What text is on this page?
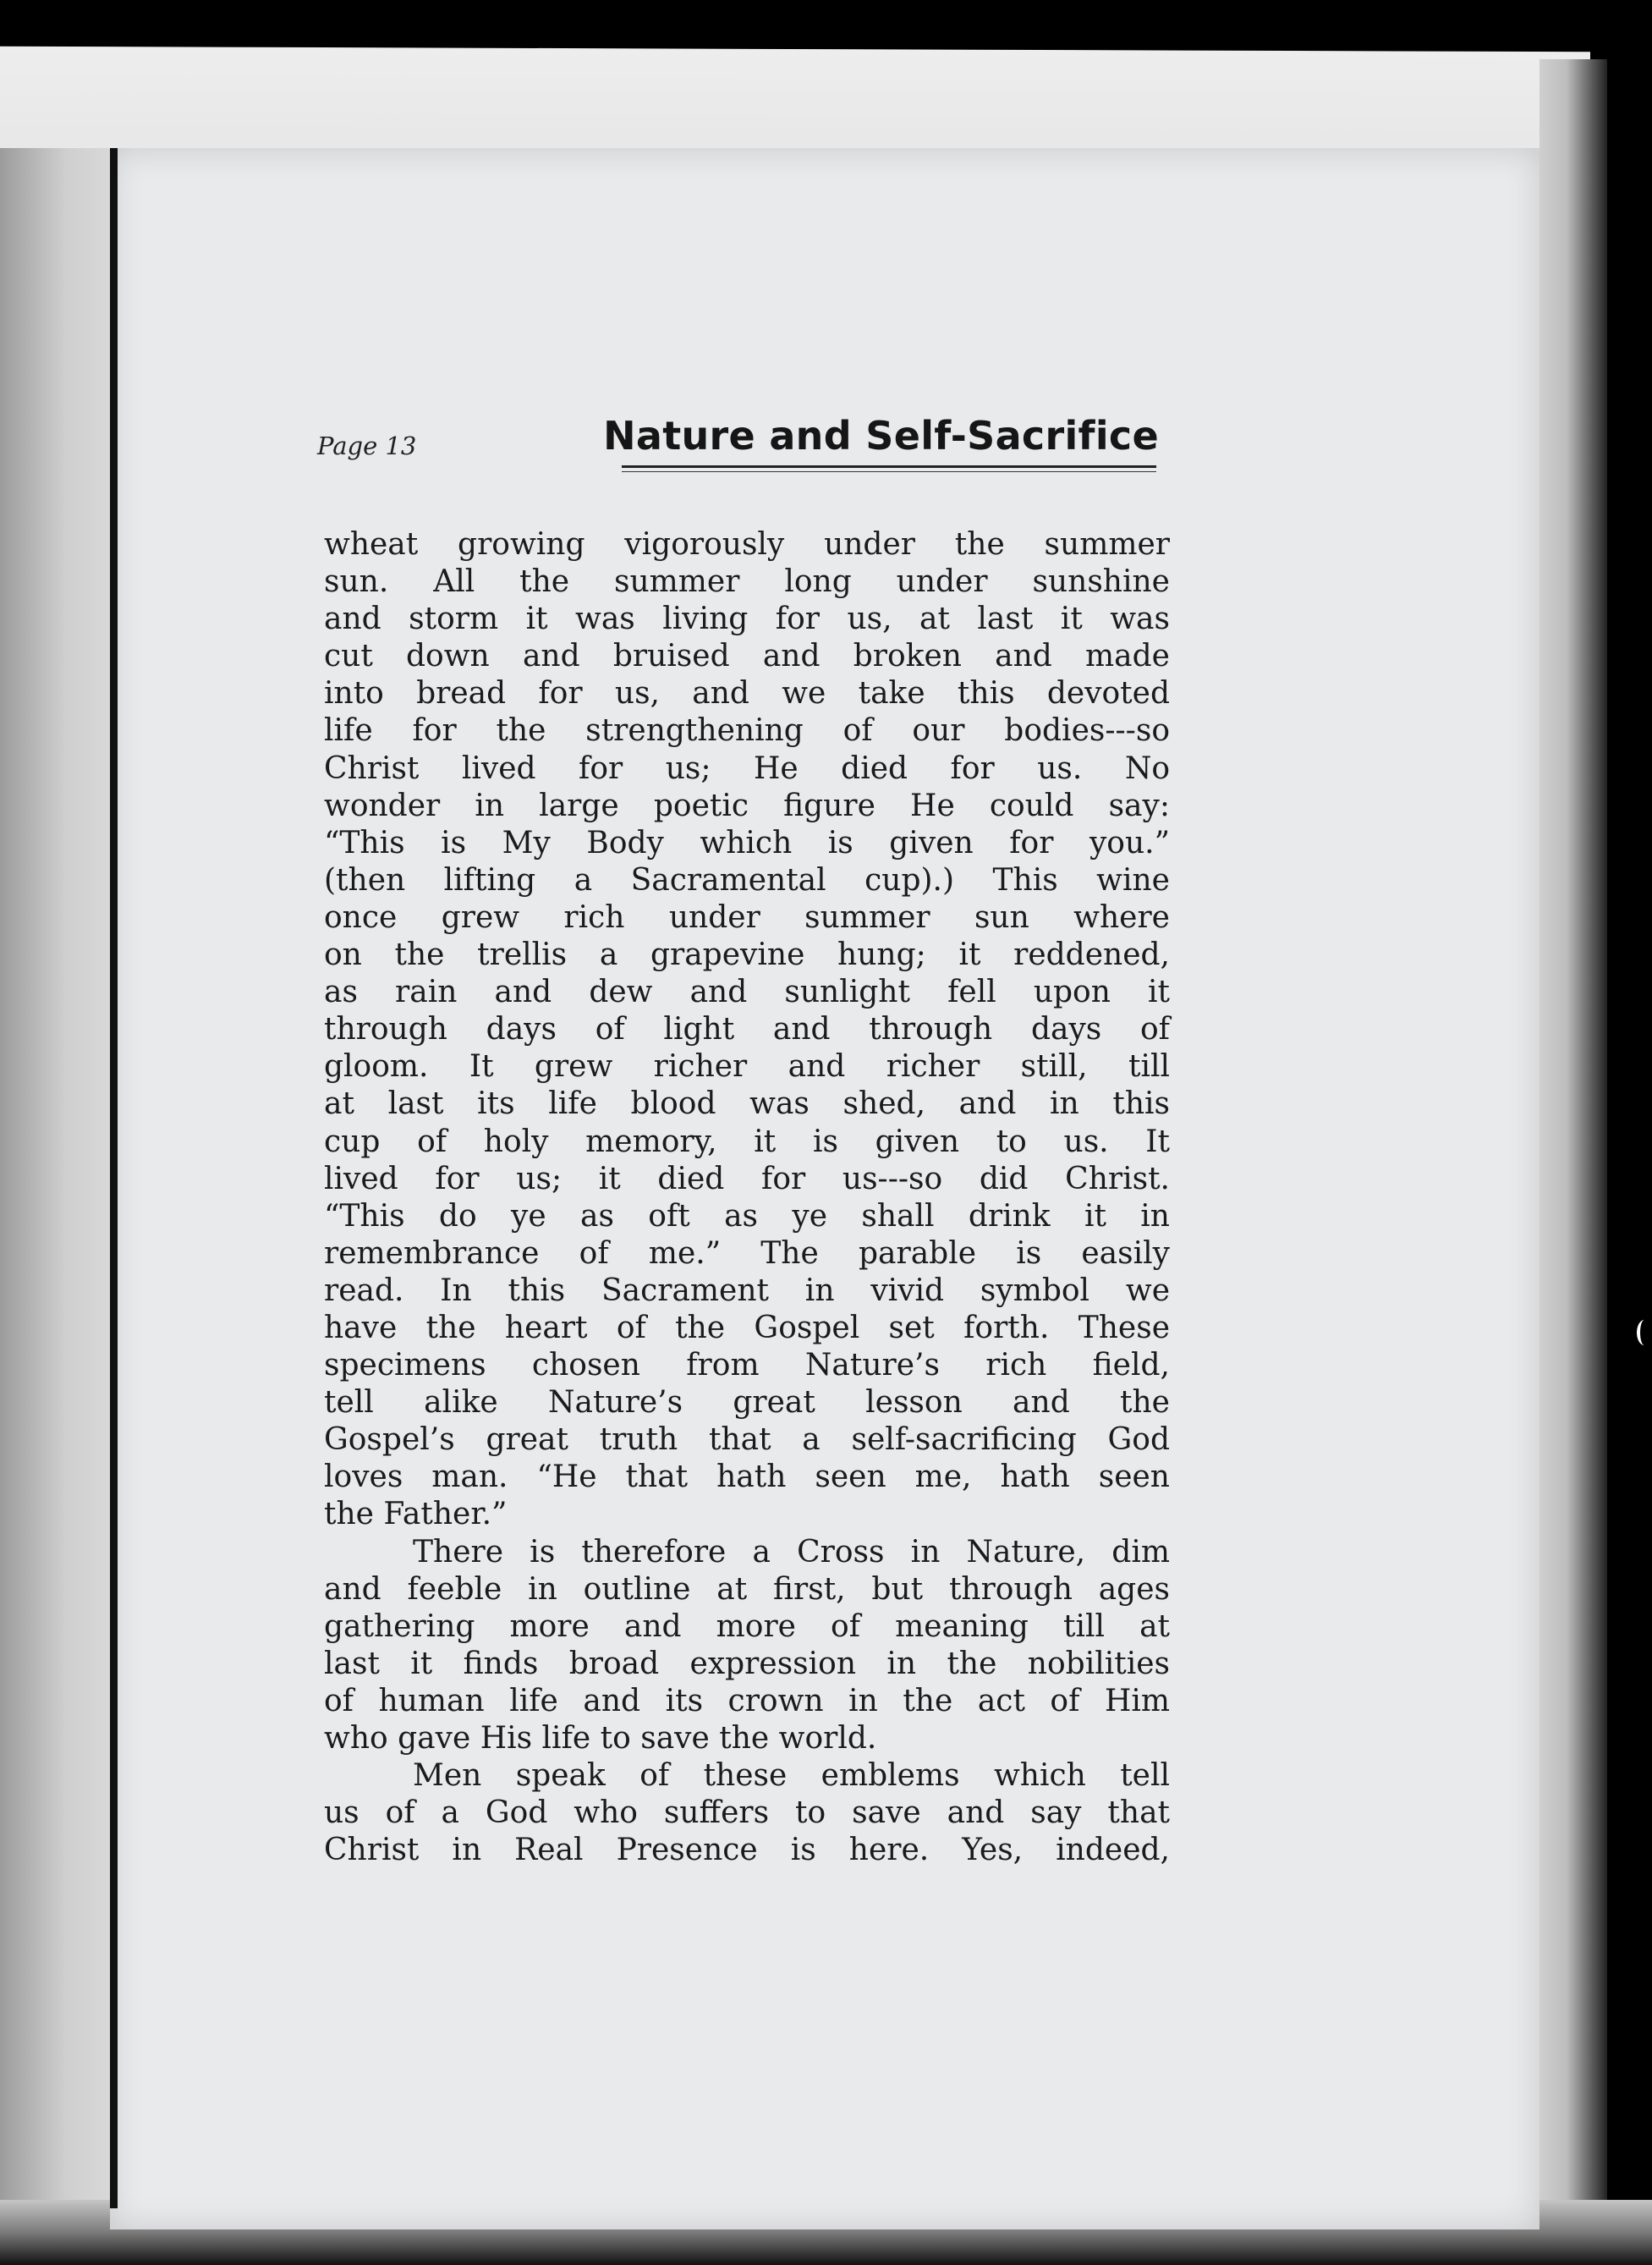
Page 13	Nature and Self-Sacrifice
wheat growing vigorously under the summer
sun. All the summer long under sunshine
and storm it was living for us, at last it was
cut down and bruised and broken and made
into bread for us, and we take this devoted
life for the strengthening of our bodies---so
Christ lived for us; He died for us. No
wonder in large poetic figure He could say:
“This is My Body which is given for you.”
(then lifting a Sacramental cup).) This wine
once grew rich under summer sun where
on the trellis a grapevine hung; it reddened,
as rain and dew and sunlight fell upon it
through days of light and through days of
gloom. It grew richer and richer still, till
at last its life blood was shed, and in this
cup of holy memory, it is given to us. It
lived for us; it died for us---so did Christ.
“This do ye as oft as ye shall drink it in
remembrance of me.” The parable is easily
read. In this Sacrament in vivid symbol we
have the heart of the Gospel set forth. These
specimens chosen from Nature’s rich field,
tell alike Nature’s great lesson and the
Gospel’s great truth that a self-sacrificing God
loves man. “He that hath seen me, hath seen
the Father.”
There is therefore a Cross in Nature, dim
and feeble in outline at first, but through ages
gathering more and more of meaning till at
last it finds broad expression in the nobilities
of human life and its crown in the act of Him
who gave His life to save the world.
Men speak of these emblems which tell
us of a God who suffers to save and say that
Christ in Real Presence is here. Yes, indeed,
